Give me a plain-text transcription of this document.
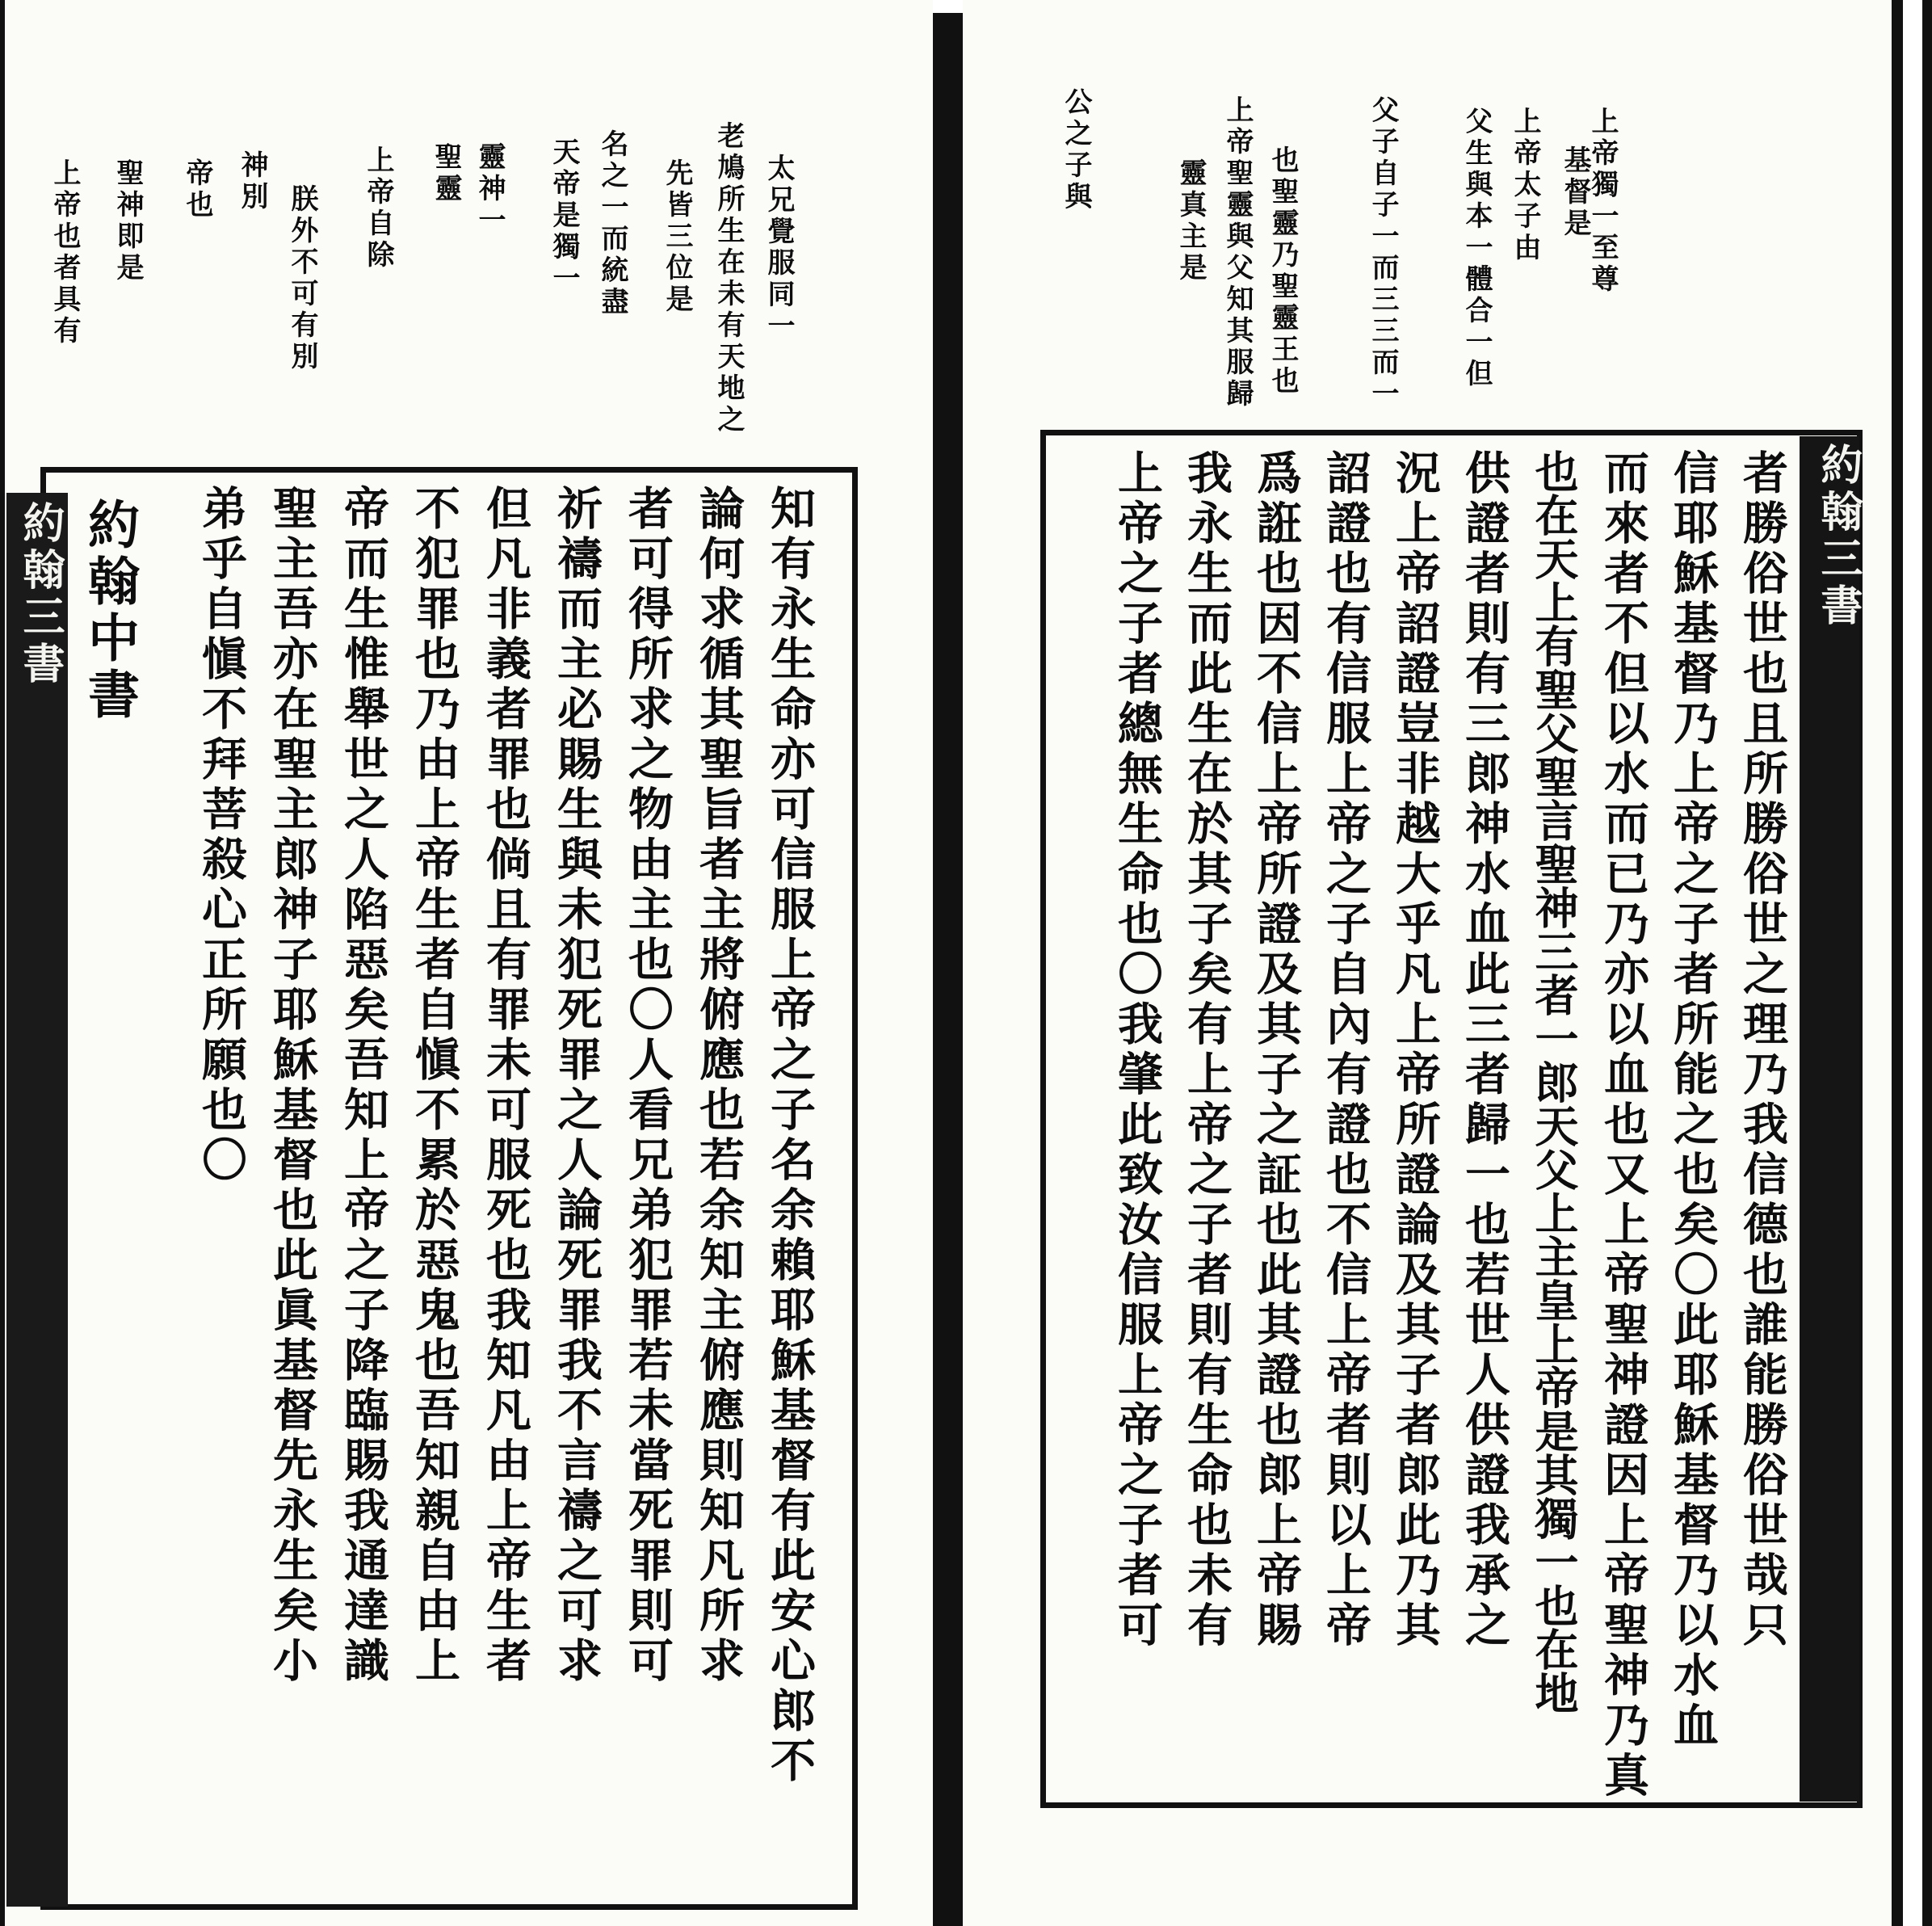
上帝獨一至尊

基督是

上帝太子由

父生與本一體合一但

父子自子一而三三而一

也聖靈乃聖靈王也

上帝聖靈與父知其服歸

靈真主是

公之子與

約翰三書

者勝俗世也且所勝俗世之理乃我信德也誰能勝俗世哉只

信耶穌基督乃上帝之子者所能之也矣〇此耶穌基督乃以水血

而來者不但以水而已乃亦以血也又上帝聖神證因上帝聖神乃真

也在天上有聖父聖言聖神三者一郎天父上主皇上帝是其獨一也在地

供證者則有三郎神水血此三者歸一也若世人供證我承之

況上帝詔證豈非越大乎凡上帝所證論及其子者郎此乃其

詔證也有信服上帝之子自內有證也不信上帝者則以上帝

爲誑也因不信上帝所證及其子之証也此其證也郎上帝賜

我永生而此生在於其子矣有上帝之子者則有生命也未有

上帝之子者總無生命也〇我肇此致汝信服上帝之子者可

太兄覺服同一

老鳩所生在未有天地之

先皆三位是

名之一而統盡

天帝是獨一

靈神一

聖靈

上帝自除

朕外不可有別

神別

帝也

聖神即是

上帝也者具有

約翰三書	知有永生命亦可信服上帝之子名余賴耶穌基督有此安心郎不

論何求循其聖旨者主將俯應也若余知主俯應則知凡所求

者可得所求之物由主也〇人看兄弟犯罪若未當死罪則可

祈禱而主必賜生與未犯死罪之人論死罪我不言禱之可求

但凡非義者罪也倘且有罪未可服死也我知凡由上帝生者

不犯罪也乃由上帝生者自愼不累於惡鬼也吾知親自由上

帝而生惟舉世之人陷惡矣吾知上帝之子降臨賜我通達識

聖主吾亦在聖主郎神子耶穌基督也此眞基督先永生矣小

弟乎自愼不拜菩殺心正所願也〇

約翰中書
